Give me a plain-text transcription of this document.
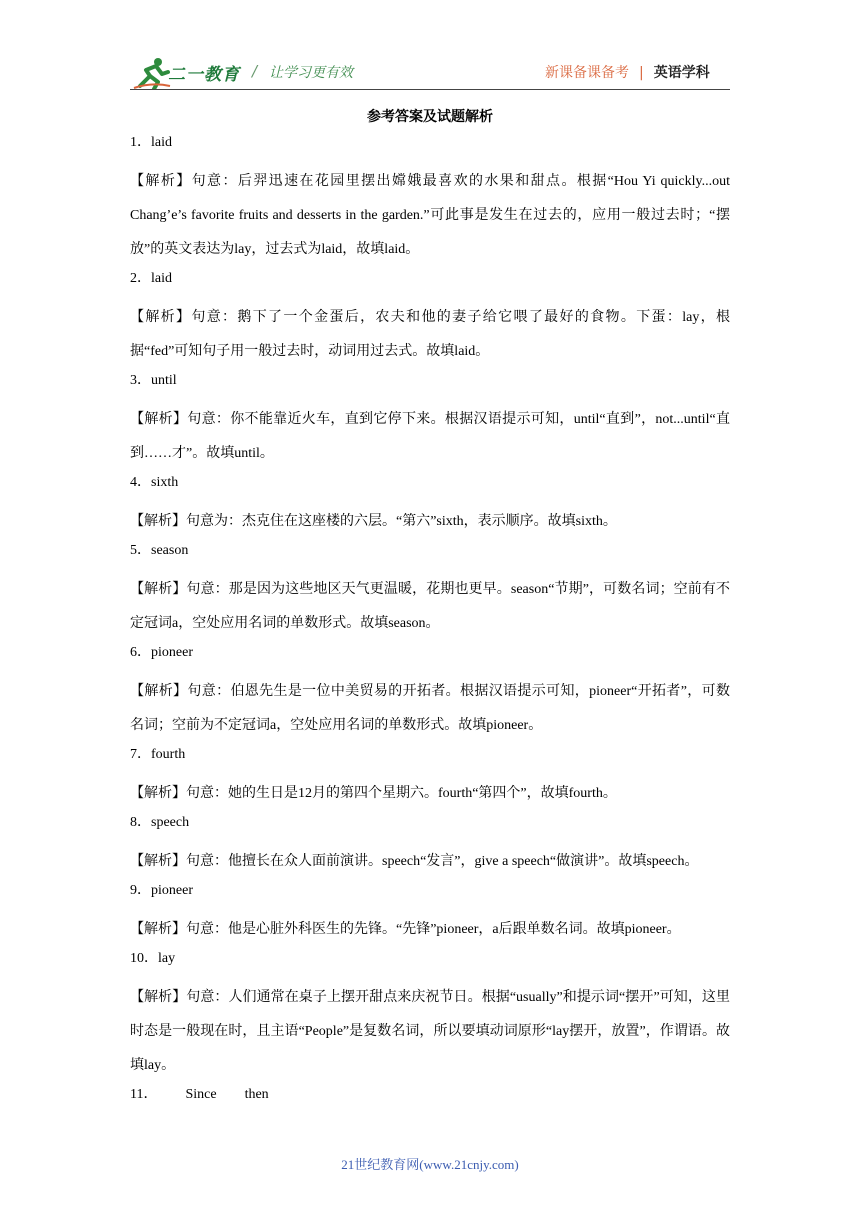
二一教育 / 让学习更有效	新课备课备考 | 英语学科
参考答案及试题解析
1．laid
【解析】句意：后羿迅速在花园里摆出嫦娥最喜欢的水果和甜点。根据“Hou Yi quickly...out Chang’e’s favorite fruits and desserts in the garden.”可此事是发生在过去的，应用一般过去时；“摆放”的英文表达为lay，过去式为laid，故填laid。
2．laid
【解析】句意：鹅下了一个金蛋后，农夫和他的妻子给它喂了最好的食物。下蛋：lay，根据“fed”可知句子用一般过去时，动词用过去式。故填laid。
3．until
【解析】句意：你不能靠近火车，直到它停下来。根据汉语提示可知，until“直到”，not...until“直到……才”。故填until。
4．sixth
【解析】句意为：杰克住在这座楼的六层。“第六”sixth，表示顺序。故填sixth。
5．season
【解析】句意：那是因为这些地区天气更温暖，花期也更早。season“节期”，可数名词；空前有不定冠词a，空处应用名词的单数形式。故填season。
6．pioneer
【解析】句意：伯恩先生是一位中美贸易的开拓者。根据汉语提示可知，pioneer“开拓者”，可数名词；空前为不定冠词a，空处应用名词的单数形式。故填pioneer。
7．fourth
【解析】句意：她的生日是12月的第四个星期六。fourth“第四个”，故填fourth。
8．speech
【解析】句意：他擅长在众人面前演讲。speech“发言”，give a speech“做演讲”。故填speech。
9．pioneer
【解析】句意：他是心脏外科医生的先锋。“先锋”pioneer，a后跟单数名词。故填pioneer。
10．lay
【解析】句意：人们通常在桌子上摆开甜点来庆祝节日。根据“usually”和提示词“摆开”可知，这里时态是一般现在时，且主语“People”是复数名词，所以要填动词原形“lay摆开，放置”，作谓语。故填lay。
11．        Since        then
21世纪教育网(www.21cnjy.com)
